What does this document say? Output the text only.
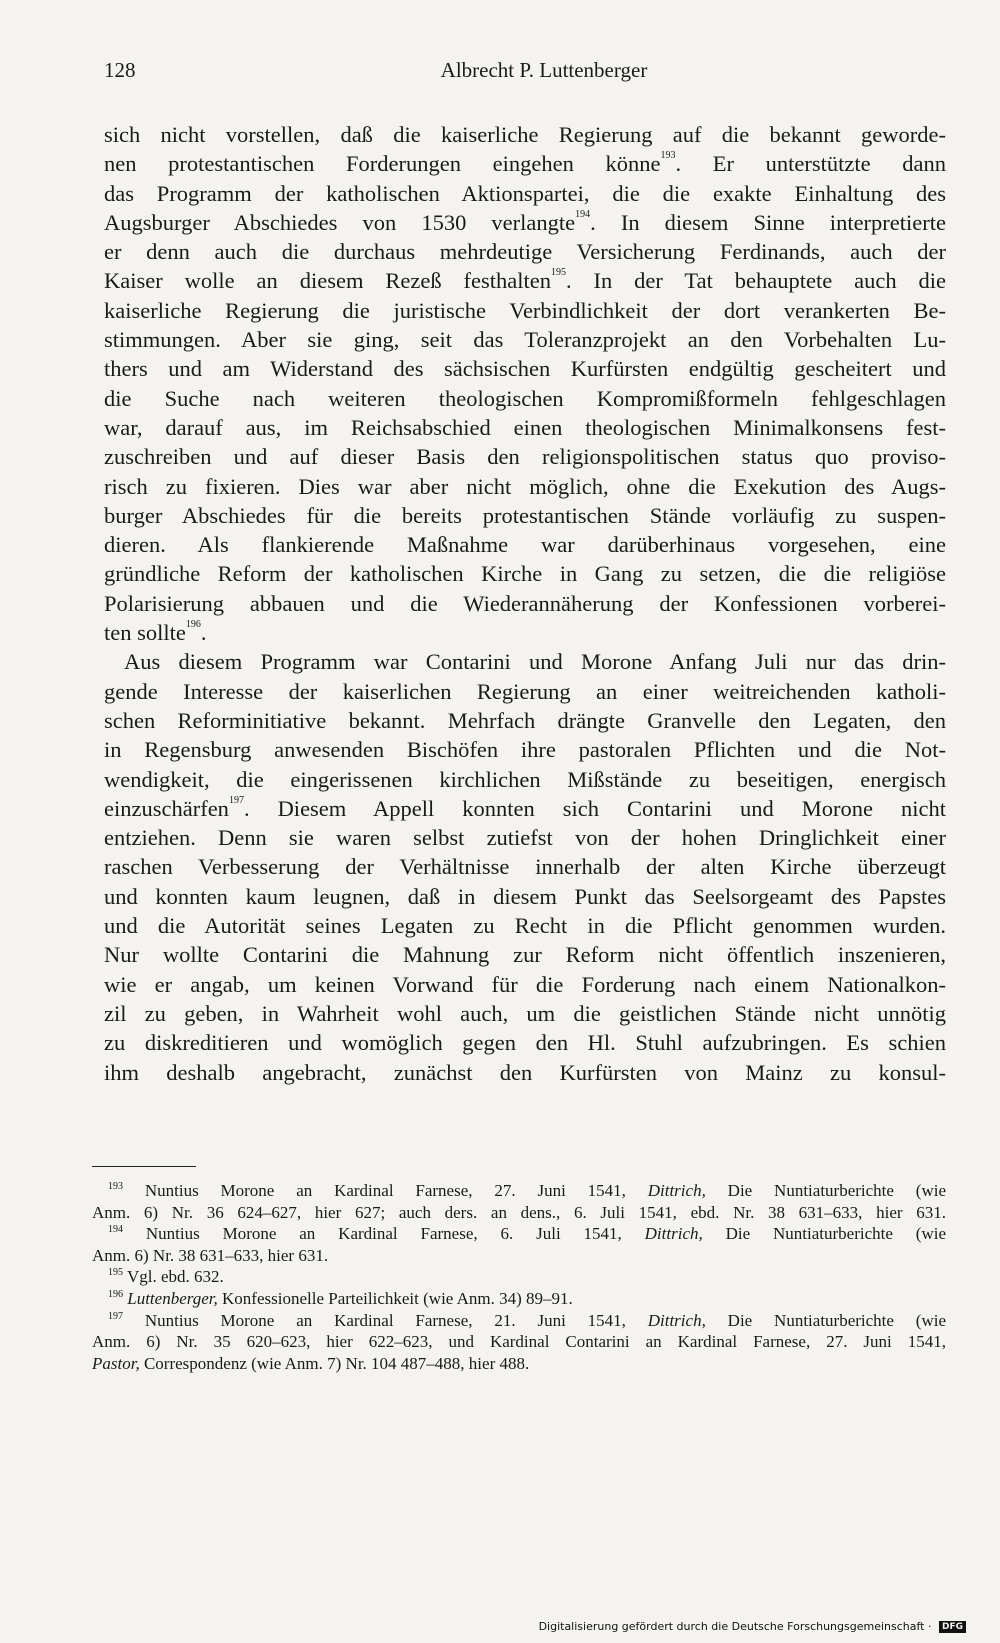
128	Albrecht P. Luttenberger
sich nicht vorstellen, daß die kaiserliche Regierung auf die bekannt geworde-
nen protestantischen Forderungen eingehen könne$^{193}$. Er unterstützte dann
das Programm der katholischen Aktionspartei, die die exakte Einhaltung des
Augsburger Abschiedes von 1530 verlangte$^{194}$. In diesem Sinne interpretierte
er denn auch die durchaus mehrdeutige Versicherung Ferdinands, auch der
Kaiser wolle an diesem Rezeß festhalten$^{195}$. In der Tat behauptete auch die
kaiserliche Regierung die juristische Verbindlichkeit der dort verankerten Be-
stimmungen. Aber sie ging, seit das Toleranzprojekt an den Vorbehalten Lu-
thers und am Widerstand des sächsischen Kurfürsten endgültig gescheitert und
die Suche nach weiteren theologischen Kompromißformeln fehlgeschlagen
war, darauf aus, im Reichsabschied einen theologischen Minimalkonsens fest-
zuschreiben und auf dieser Basis den religionspolitischen status quo proviso-
risch zu fixieren. Dies war aber nicht möglich, ohne die Exekution des Augs-
burger Abschiedes für die bereits protestantischen Stände vorläufig zu suspen-
dieren. Als flankierende Maßnahme war darüberhinaus vorgesehen, eine
gründliche Reform der katholischen Kirche in Gang zu setzen, die die religiöse
Polarisierung abbauen und die Wiederannäherung der Konfessionen vorberei-
ten sollte$^{196}$.
Aus diesem Programm war Contarini und Morone Anfang Juli nur das drin-
gende Interesse der kaiserlichen Regierung an einer weitreichenden katholi-
schen Reforminitiative bekannt. Mehrfach drängte Granvelle den Legaten, den
in Regensburg anwesenden Bischöfen ihre pastoralen Pflichten und die Not-
wendigkeit, die eingerissenen kirchlichen Mißstände zu beseitigen, energisch
einzuschärfen$^{197}$. Diesem Appell konnten sich Contarini und Morone nicht
entziehen. Denn sie waren selbst zutiefst von der hohen Dringlichkeit einer
raschen Verbesserung der Verhältnisse innerhalb der alten Kirche überzeugt
und konnten kaum leugnen, daß in diesem Punkt das Seelsorgeamt des Papstes
und die Autorität seines Legaten zu Recht in die Pflicht genommen wurden.
Nur wollte Contarini die Mahnung zur Reform nicht öffentlich inszenieren,
wie er angab, um keinen Vorwand für die Forderung nach einem Nationalkon-
zil zu geben, in Wahrheit wohl auch, um die geistlichen Stände nicht unnötig
zu diskreditieren und womöglich gegen den Hl. Stuhl aufzubringen. Es schien
ihm deshalb angebracht, zunächst den Kurfürsten von Mainz zu konsul-
$^{193}$ Nuntius Morone an Kardinal Farnese, 27. Juni 1541, Dittrich, Die Nuntiaturberichte (wie
Anm. 6) Nr. 36 624–627, hier 627; auch ders. an dens., 6. Juli 1541, ebd. Nr. 38 631–633, hier 631.
$^{194}$ Nuntius Morone an Kardinal Farnese, 6. Juli 1541, Dittrich, Die Nuntiaturberichte (wie
Anm. 6) Nr. 38 631–633, hier 631.
$^{195}$ Vgl. ebd. 632.
$^{196}$ Luttenberger, Konfessionelle Parteilichkeit (wie Anm. 34) 89–91.
$^{197}$ Nuntius Morone an Kardinal Farnese, 21. Juni 1541, Dittrich, Die Nuntiaturberichte (wie
Anm. 6) Nr. 35 620–623, hier 622–623, und Kardinal Contarini an Kardinal Farnese, 27. Juni 1541,
Pastor, Correspondenz (wie Anm. 7) Nr. 104 487–488, hier 488.
Digitalisierung gefördert durch die Deutsche Forschungsgemeinschaft · DFG
